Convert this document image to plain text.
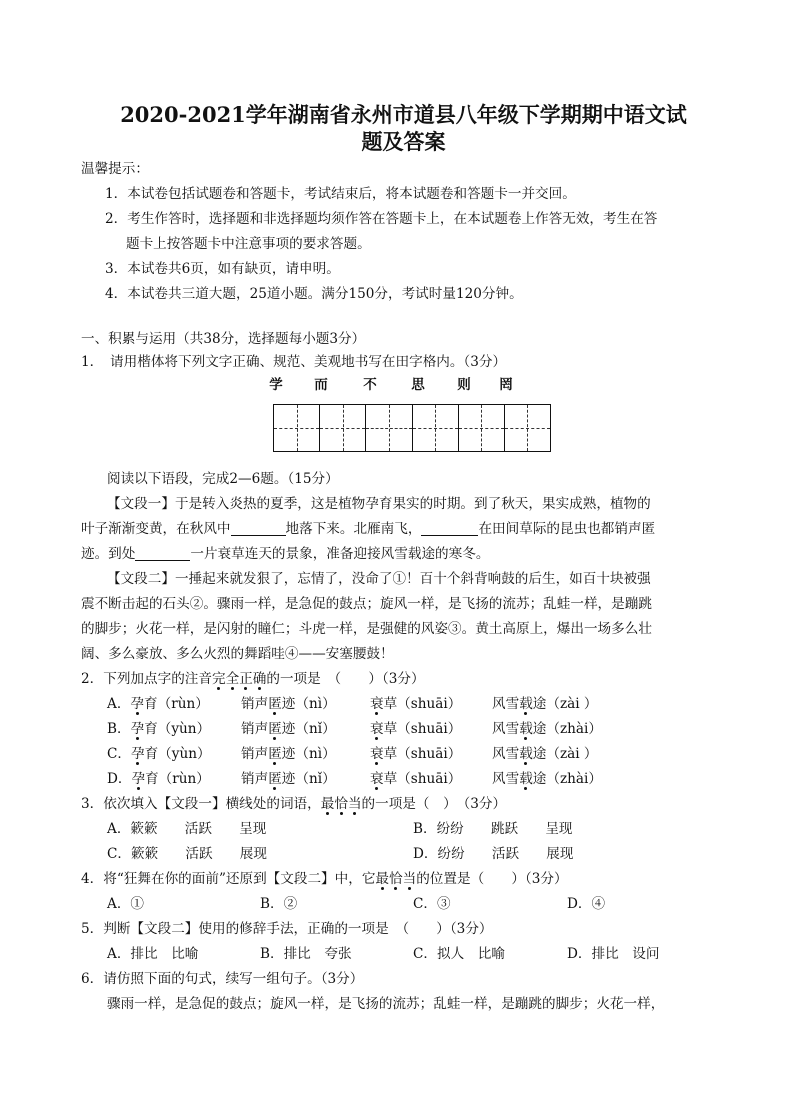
2020-2021学年湖南省永州市道县八年级下学期期中语文试
题及答案
温馨提示：
1．本试卷包括试题卷和答题卡，考试结束后，将本试题卷和答题卡一并交回。
2．考生作答时，选择题和非选择题均须作答在答题卡上，在本试题卷上作答无效，考生在答
题卡上按答题卡中注意事项的要求答题。
3．本试卷共6页，如有缺页，请申明。
4．本试卷共三道大题，25道小题。满分150分，考试时量120分钟。
一、积累与运用（共38分，选择题每小题3分）
1．　请用楷体将下列文字正确、规范、美观地书写在田字格内。（3分）
学 而	不	思 则 罔
阅读以下语段，完成2—6题。（15分）
【文段一】于是转入炎热的夏季，这是植物孕育果实的时期。到了秋天，果实成熟，植物的
叶子渐渐变黄，在秋风中	地落下来。北雁南飞，	在田间草际的昆虫也都销声匿
迹。到处	一片衰草连天的景象，准备迎接风雪载途的寒冬。
【文段二】一捶起来就发狠了，忘情了，没命了①！百十个斜背响鼓的后生，如百十块被强
震不断击起的石头②。骤雨一样，是急促的鼓点；旋风一样，是飞扬的流苏；乱蛙一样，是蹦跳
的脚步；火花一样，是闪射的瞳仁；斗虎一样，是强健的风姿③。黄土高原上，爆出一场多么壮
阔、多么豪放、多么火烈的舞蹈哇④——安塞腰鼓！
2．下列加点字的注音完全正确的一项是　（　　）（3分）
A．孕育（rùn） 销声匿迹（nì）	衰草（shuāi） 风雪载途（zài ）
B．孕育（yùn） 销声匿迹（nǐ）	衰草（shuāi） 风雪载途（zhài）
C．孕育（yùn） 销声匿迹（nì）	衰草（shuāi） 风雪载途（zài ）
D．孕育（rùn） 销声匿迹（nǐ）	衰草（shuāi） 风雪载途（zhài）
3．依次填入【文段一】横线处的词语，最恰当的一项是（　）　（3分）
A．簌簌　　活跃　　呈现	B．纷纷　　跳跃　　呈现
C．簌簌　　活跃　　展现	D．纷纷　　活跃　　展现
4．将“狂舞在你的面前”还原到【文段二】中，它最恰当的位置是（　　）（3分）
A．①	B．②	C．③	D．④
5．判断【文段二】使用的修辞手法，正确的一项是　（　　）（3分）
A．排比　比喻	B．排比　夸张	C．拟人　比喻	D．排比　设问
6．请仿照下面的句式，续写一组句子。（3分）
骤雨一样，是急促的鼓点；旋风一样，是飞扬的流苏；乱蛙一样，是蹦跳的脚步；火花一样，
